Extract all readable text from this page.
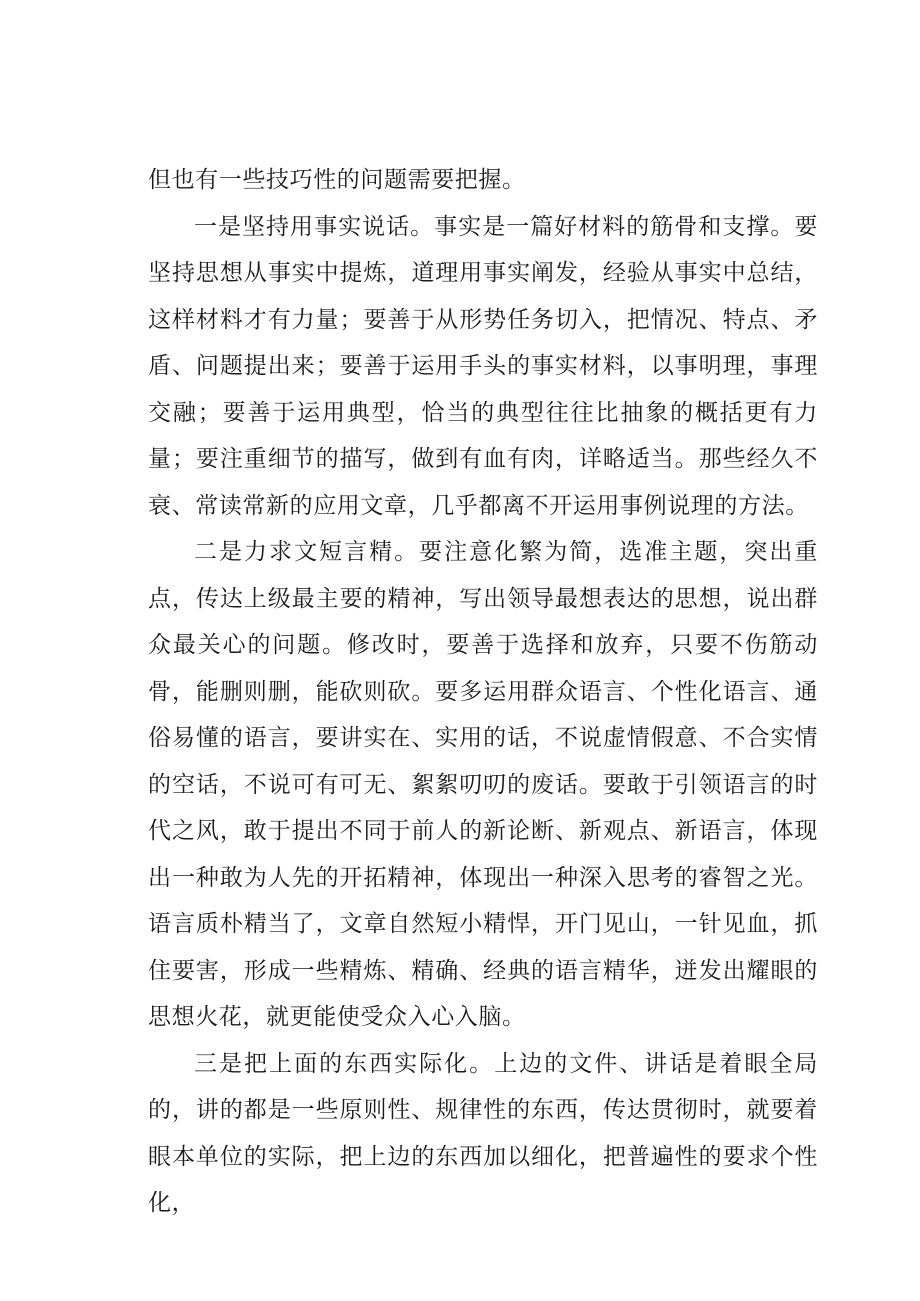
但也有一些技巧性的问题需要把握。

一是坚持用事实说话。事实是一篇好材料的筋骨和支撑。要坚持思想从事实中提炼，道理用事实阐发，经验从事实中总结，这样材料才有力量；要善于从形势任务切入，把情况、特点、矛盾、问题提出来；要善于运用手头的事实材料，以事明理，事理交融；要善于运用典型，恰当的典型往往比抽象的概括更有力量；要注重细节的描写，做到有血有肉，详略适当。那些经久不衰、常读常新的应用文章，几乎都离不开运用事例说理的方法。

二是力求文短言精。要注意化繁为简，选准主题，突出重点，传达上级最主要的精神，写出领导最想表达的思想，说出群众最关心的问题。修改时，要善于选择和放弃，只要不伤筋动骨，能删则删，能砍则砍。要多运用群众语言、个性化语言、通俗易懂的语言，要讲实在、实用的话，不说虚情假意、不合实情的空话，不说可有可无、絮絮叨叨的废话。要敢于引领语言的时代之风，敢于提出不同于前人的新论断、新观点、新语言，体现出一种敢为人先的开拓精神，体现出一种深入思考的睿智之光。语言质朴精当了，文章自然短小精悍，开门见山，一针见血，抓住要害，形成一些精炼、精确、经典的语言精华，迸发出耀眼的思想火花，就更能使受众入心入脑。

三是把上面的东西实际化。上边的文件、讲话是着眼全局的，讲的都是一些原则性、规律性的东西，传达贯彻时，就要着眼本单位的实际，把上边的东西加以细化，把普遍性的要求个性化，
